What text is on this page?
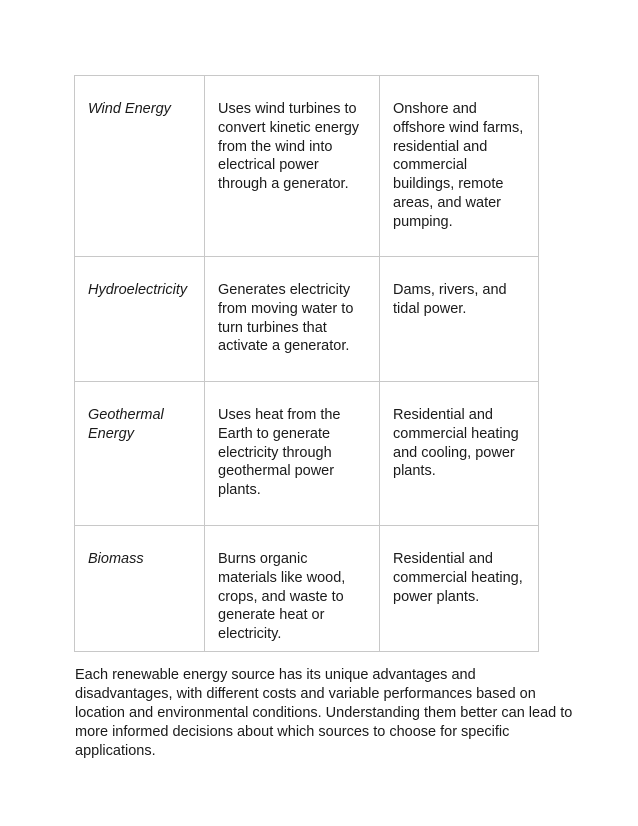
Wind Energy	Uses wind turbines to convert kinetic energy from the wind into electrical power through a generator.	Onshore and offshore wind farms, residential and commercial buildings, remote areas, and water pumping.
Hydroelectricity	Generates electricity from moving water to turn turbines that activate a generator.	Dams, rivers, and tidal power.
Geothermal Energy	Uses heat from the Earth to generate electricity through geothermal power plants.	Residential and commercial heating and cooling, power plants.
Biomass	Burns organic materials like wood, crops, and waste to generate heat or electricity.	Residential and commercial heating, power plants.

Each renewable energy source has its unique advantages and disadvantages, with different costs and variable performances based on location and environmental conditions. Understanding them better can lead to more informed decisions about which sources to choose for specific applications.
